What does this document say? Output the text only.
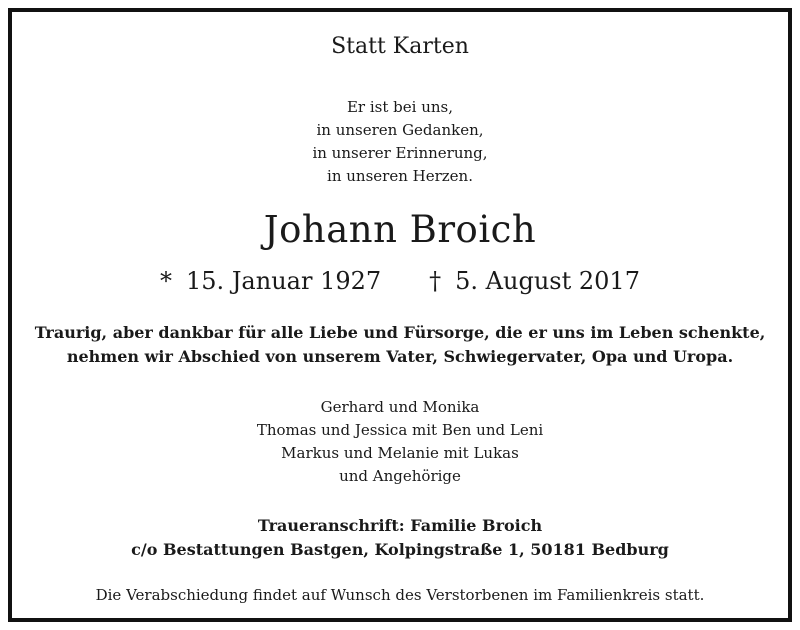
Statt Karten
Er ist bei uns,
in unseren Gedanken,
in unserer Erinnerung,
in unseren Herzen.
Johann Broich
* 15. Januar 1927 † 5. August 2017
Traurig, aber dankbar für alle Liebe und Fürsorge, die er uns im Leben schenkte,
nehmen wir Abschied von unserem Vater, Schwiegervater, Opa und Uropa.
Gerhard und Monika
Thomas und Jessica mit Ben und Leni
Markus und Melanie mit Lukas
und Angehörige
Traueranschrift: Familie Broich
c/o Bestattungen Bastgen, Kolpingstraße 1, 50181 Bedburg
Die Verabschiedung findet auf Wunsch des Verstorbenen im Familienkreis statt.
